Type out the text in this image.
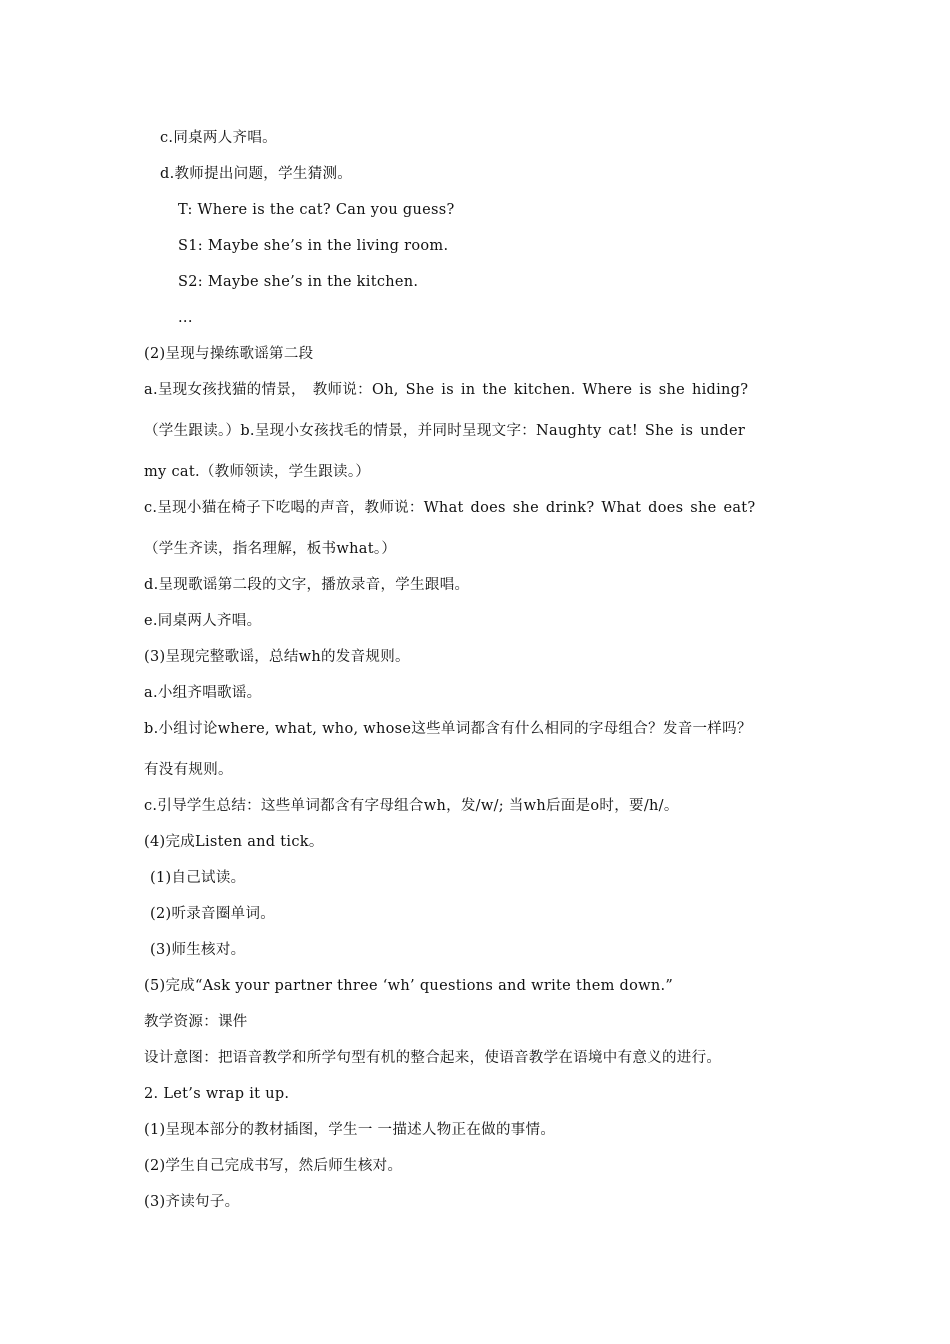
c.同桌两人齐唱。
d.教师提出问题，学生猜测。
T: Where is the cat? Can you guess?
S1: Maybe she’s in the living room.
S2: Maybe she’s in the kitchen.
...
(2)呈现与操练歌谣第二段
a.呈现女孩找猫的情景， 教师说：Oh, She is in the kitchen. Where is she hiding?
（学生跟读。）b.呈现小女孩找毛的情景，并同时呈现文字：Naughty cat! She is under
my cat.（教师领读，学生跟读。）
c.呈现小猫在椅子下吃喝的声音，教师说：What does she drink? What does she eat?
（学生齐读，指名理解，板书what。）
d.呈现歌谣第二段的文字，播放录音，学生跟唱。
e.同桌两人齐唱。
(3)呈现完整歌谣，总结wh的发音规则。
a.小组齐唱歌谣。
b.小组讨论where, what, who, whose这些单词都含有什么相同的字母组合？发音一样吗？
有没有规则。
c.引导学生总结：这些单词都含有字母组合wh，发/w/; 当wh后面是o时，要/h/。
(4)完成Listen and tick。
(1)自己试读。
(2)听录音圈单词。
(3)师生核对。
(5)完成“Ask your partner three ‘wh’ questions and write them down.”
教学资源：课件
设计意图：把语音教学和所学句型有机的整合起来，使语音教学在语境中有意义的进行。
2. Let’s wrap it up.
(1)呈现本部分的教材插图，学生一 一描述人物正在做的事情。
(2)学生自己完成书写，然后师生核对。
(3)齐读句子。
